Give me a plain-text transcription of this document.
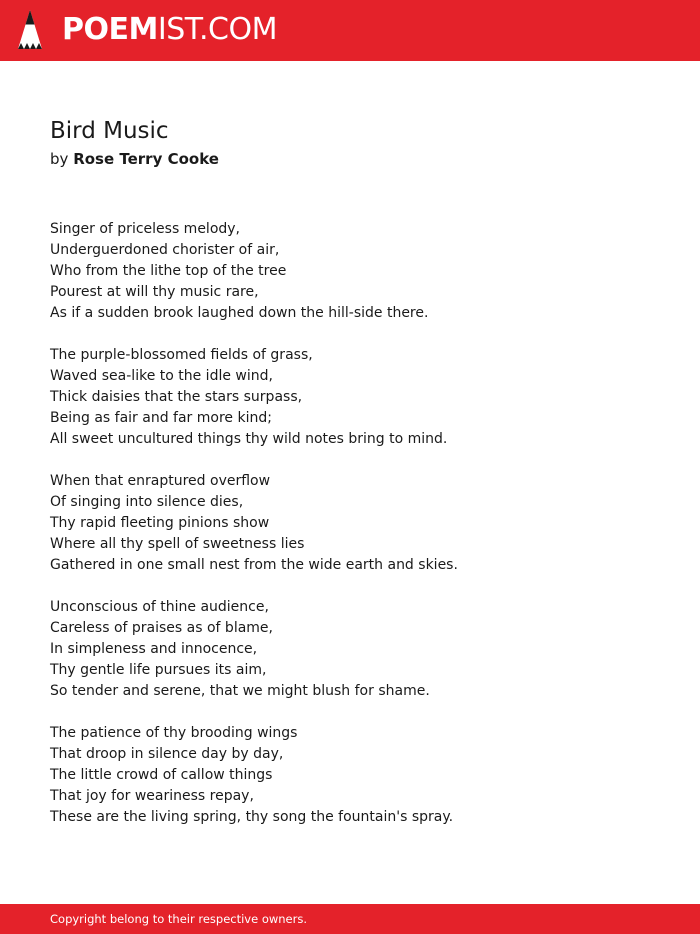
POEMIST.COM
Bird Music
by Rose Terry Cooke
Singer of priceless melody,
Underguerdoned chorister of air,
Who from the lithe top of the tree
Pourest at will thy music rare,
As if a sudden brook laughed down the hill-side there.
The purple-blossomed fields of grass,
Waved sea-like to the idle wind,
Thick daisies that the stars surpass,
Being as fair and far more kind;
All sweet uncultured things thy wild notes bring to mind.
When that enraptured overflow
Of singing into silence dies,
Thy rapid fleeting pinions show
Where all thy spell of sweetness lies
Gathered in one small nest from the wide earth and skies.
Unconscious of thine audience,
Careless of praises as of blame,
In simpleness and innocence,
Thy gentle life pursues its aim,
So tender and serene, that we might blush for shame.
The patience of thy brooding wings
That droop in silence day by day,
The little crowd of callow things
That joy for weariness repay,
These are the living spring, thy song the fountain's spray.
Copyright belong to their respective owners.
